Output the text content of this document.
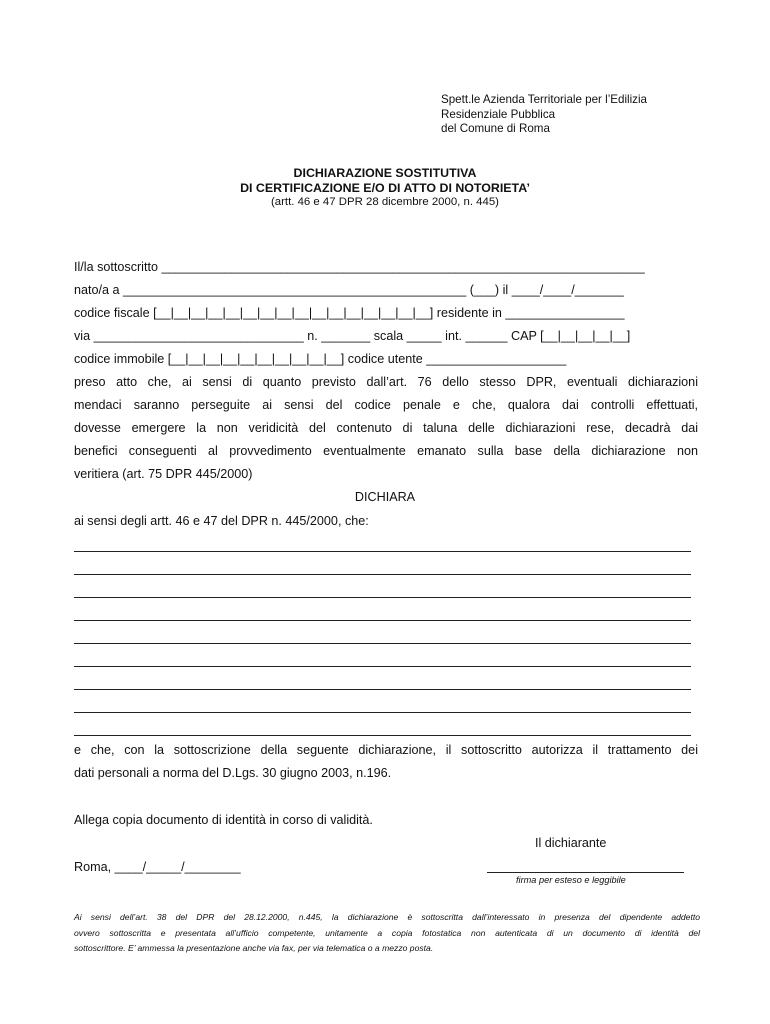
Spett.le Azienda Territoriale per l’Edilizia
Residenziale Pubblica
del Comune di Roma
DICHIARAZIONE SOSTITUTIVA
DI CERTIFICAZIONE E/O DI ATTO DI NOTORIETA’
(artt. 46 e 47 DPR 28 dicembre 2000, n. 445)
Il/la sottoscritto _____________________________________________________________________
nato/a a _________________________________________________ (___) il ____/____/_______
codice fiscale [__|__|__|__|__|__|__|__|__|__|__|__|__|__|__|__] residente in _________________
via ______________________________ n. _______ scala _____ int. ______ CAP [__|__|__|__|__]
codice immobile [__|__|__|__|__|__|__|__|__|__] codice utente ____________________
preso atto che, ai sensi di quanto previsto dall’art. 76 dello stesso DPR, eventuali dichiarazioni
mendaci saranno perseguite ai sensi del codice penale e che, qualora dai controlli effettuati,
dovesse emergere la non veridicità del contenuto di taluna delle dichiarazioni rese, decadrà dai
benefici conseguenti al provvedimento eventualmente emanato sulla base della dichiarazione non
veritiera (art. 75 DPR 445/2000)
DICHIARA
ai sensi degli artt. 46 e 47 del DPR n. 445/2000, che:
e che, con la sottoscrizione della seguente dichiarazione, il sottoscritto autorizza il trattamento dei
dati personali a norma del D.Lgs. 30 giugno 2003, n.196.
Allega copia documento di identità in corso di validità.
Il dichiarante
Roma, ____/_____/________
firma per esteso e leggibile
Ai sensi dell’art. 38 del DPR del 28.12.2000, n.445, la dichiarazione è sottoscritta dall’interessato in presenza del dipendente addetto
ovvero sottoscritta e presentata all’ufficio competente, unitamente a copia fotostatica non autenticata di un documento di identità del
sottoscrittore. E’ ammessa la presentazione anche via fax, per via telematica o a mezzo posta.
